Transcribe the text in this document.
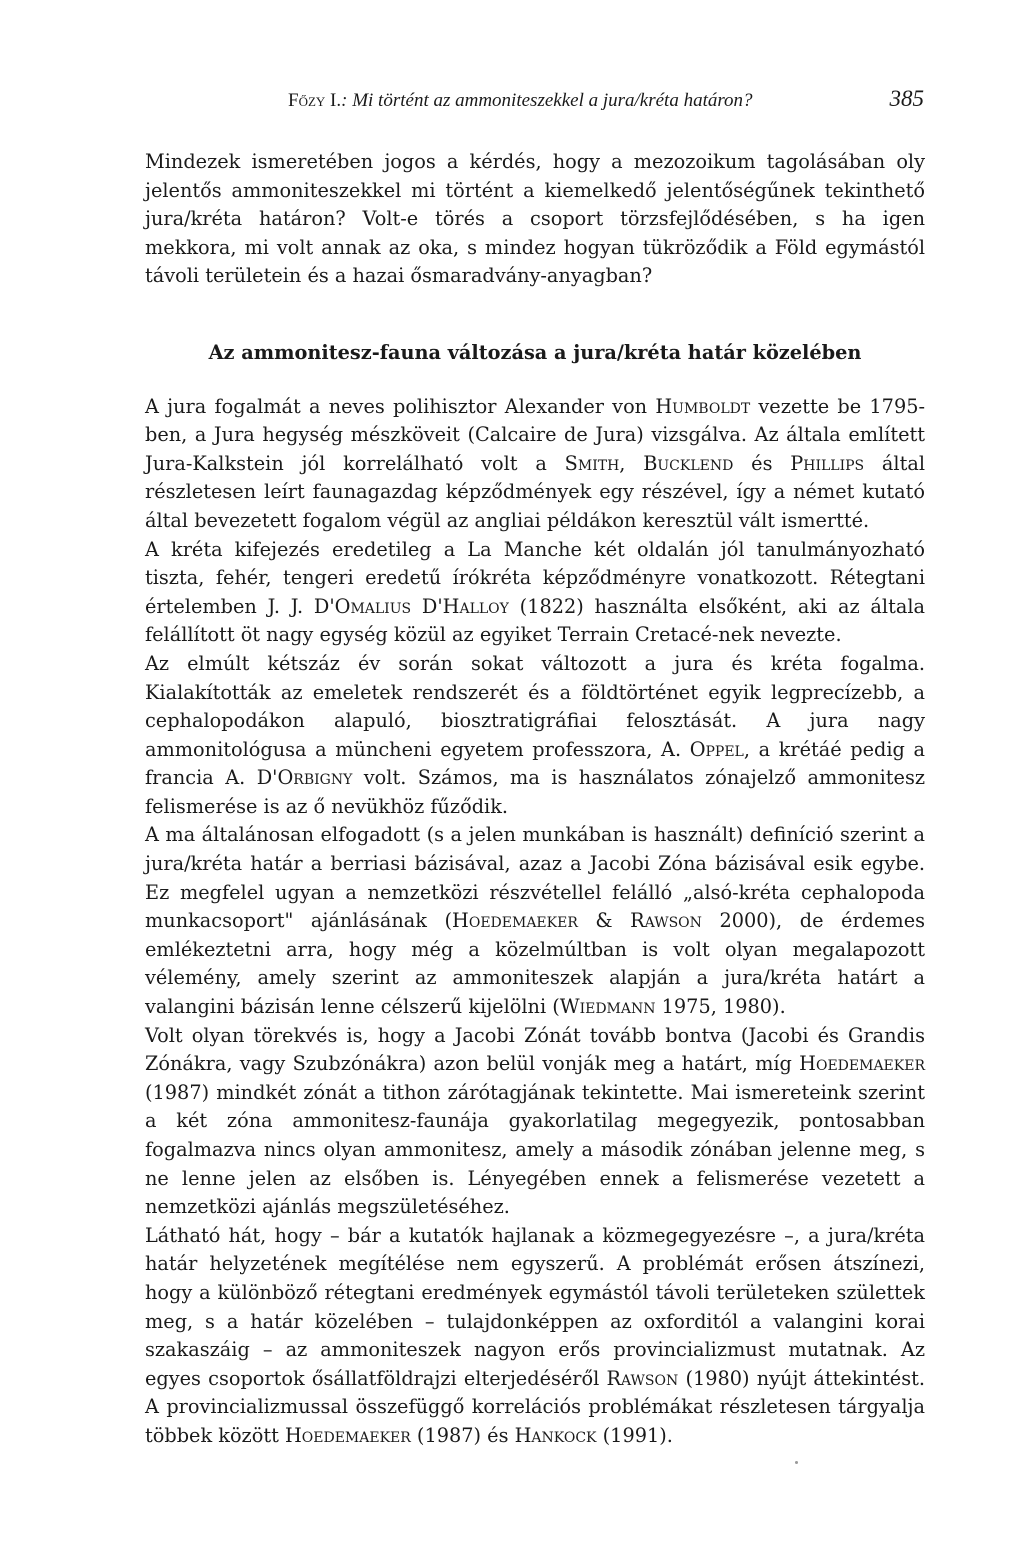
Főzy I.: Mi történt az ammoniteszekkel a jura/kréta határon?	385

Mindezek ismeretében jogos a kérdés, hogy a mezozoikum tagolásában oly jelentős ammoniteszekkel mi történt a kiemelkedő jelentőségűnek tekinthető jura/kréta határon? Volt-e törés a csoport törzsfejlődésében, s ha igen mekkora, mi volt annak az oka, s mindez hogyan tükröződik a Föld egymástól távoli területein és a hazai ősmaradvány-anyagban?

Az ammonitesz-fauna változása a jura/kréta határ közelében

A jura fogalmát a neves polihisztor Alexander von Humboldt vezette be 1795-ben, a Jura hegység mészköveit (Calcaire de Jura) vizsgálva. Az általa említett Jura-Kalkstein jól korrelálható volt a Smith, Bucklend és Phillips által részletesen leírt faunagazdag képződmények egy részével, így a német kutató által bevezetett fogalom végül az angliai példákon keresztül vált ismertté.

A kréta kifejezés eredetileg a La Manche két oldalán jól tanulmányozható tiszta, fehér, tengeri eredetű írókréta képződményre vonatkozott. Rétegtani értelemben J. J. D'Omalius D'Halloy (1822) használta elsőként, aki az általa felállított öt nagy egység közül az egyiket Terrain Cretacé-nek nevezte.

Az elmúlt kétszáz év során sokat változott a jura és kréta fogalma. Kialakították az emeletek rendszerét és a földtörténet egyik legprecízebb, a cephalopodákon alapuló, biosztratigráfiai felosztását. A jura nagy ammonitológusa a müncheni egyetem professzora, A. Oppel, a krétáé pedig a francia A. D'Orbigny volt. Számos, ma is használatos zónajelző ammonitesz felismerése is az ő nevükhöz fűződik.

A ma általánosan elfogadott (s a jelen munkában is használt) definíció szerint a jura/kréta határ a berriasi bázisával, azaz a Jacobi Zóna bázisával esik egybe. Ez megfelel ugyan a nemzetközi részvétellel felálló „alsó-kréta cephalopoda munkacsoport" ajánlásának (Hoedemaeker & Rawson 2000), de érdemes emlékeztetni arra, hogy még a közelmúltban is volt olyan megalapozott vélemény, amely szerint az ammoniteszek alapján a jura/kréta határt a valangini bázisán lenne célszerű kijelölni (Wiedmann 1975, 1980).

Volt olyan törekvés is, hogy a Jacobi Zónát tovább bontva (Jacobi és Grandis Zónákra, vagy Szubzónákra) azon belül vonják meg a határt, míg Hoedemaeker (1987) mindkét zónát a tithon zárótagjának tekintette. Mai ismereteink szerint a két zóna ammonitesz-faunája gyakorlatilag megegyezik, pontosabban fogalmazva nincs olyan ammonitesz, amely a második zónában jelenne meg, s ne lenne jelen az elsőben is. Lényegében ennek a felismerése vezetett a nemzetközi ajánlás megszületéséhez.

Látható hát, hogy – bár a kutatók hajlanak a közmegegyezésre –, a jura/kréta határ helyzetének megítélése nem egyszerű. A problémát erősen átszínezi, hogy a különböző rétegtani eredmények egymástól távoli területeken születtek meg, s a határ közelében – tulajdonképpen az oxforditól a valangini korai szakaszáig – az ammoniteszek nagyon erős provincializmust mutatnak. Az egyes csoportok ősállatföldrajzi elterjedéséről Rawson (1980) nyújt áttekintést. A provincializmussal összefüggő korrelációs problémákat részletesen tárgyalja többek között Hoedemaeker (1987) és Hankock (1991).
